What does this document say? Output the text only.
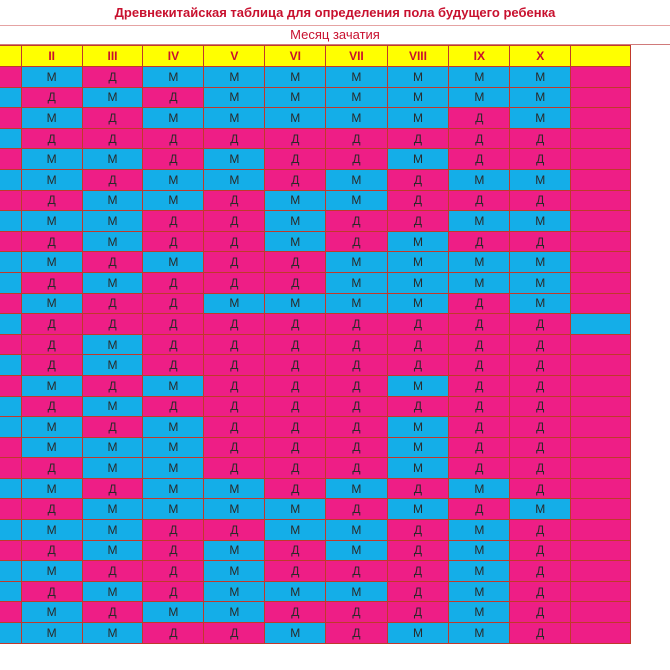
Древнекитайская таблица для определения пола будущего ребенка
Месяц зачатия
	II	III	IV	V	VI	VII	VIII	IX	X	
	М	Д	М	М	М	М	М	М	М	
	Д	М	Д	М	М	М	М	М	М	
	М	Д	М	М	М	М	М	Д	М	
	Д	Д	Д	Д	Д	Д	Д	Д	Д	
	М	М	Д	М	Д	Д	М	Д	Д	
	М	Д	М	М	Д	М	Д	М	М	
	Д	М	М	Д	М	М	Д	Д	Д	
	М	М	Д	Д	М	Д	Д	М	М	
	Д	М	Д	Д	М	Д	М	Д	Д	
	М	Д	М	Д	Д	М	М	М	М	
	Д	М	Д	Д	Д	М	М	М	М	
	М	Д	Д	М	М	М	М	Д	М	
	Д	Д	Д	Д	Д	Д	Д	Д	Д	
	Д	М	Д	Д	Д	Д	Д	Д	Д	
	Д	М	Д	Д	Д	Д	Д	Д	Д	
	М	Д	М	Д	Д	Д	М	Д	Д	
	Д	М	Д	Д	Д	Д	Д	Д	Д	
	М	Д	М	Д	Д	Д	М	Д	Д	
	М	М	М	Д	Д	Д	М	Д	Д	
	Д	М	М	Д	Д	Д	М	Д	Д	
	М	Д	М	М	Д	М	Д	М	Д	
	Д	М	М	М	М	Д	М	Д	М	
	М	М	Д	Д	М	М	Д	М	Д	
	Д	М	Д	М	Д	М	Д	М	Д	
	М	Д	Д	М	Д	Д	Д	М	Д	
	Д	М	Д	М	М	М	Д	М	Д	
	М	Д	М	М	Д	Д	Д	М	Д	
	М	М	Д	Д	М	Д	М	М	Д	
